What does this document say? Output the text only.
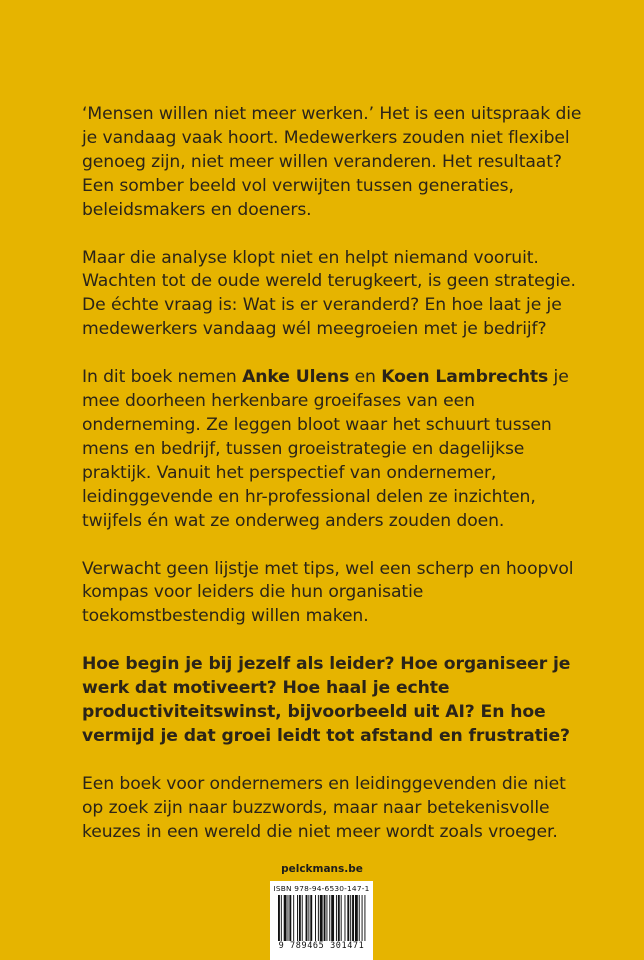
‘Mensen willen niet meer werken.’ Het is een uitspraak die je vandaag vaak hoort. Medewerkers zouden niet flexibel genoeg zijn, niet meer willen veranderen. Het resultaat? Een somber beeld vol verwijten tussen generaties, beleidsmakers en doeners.

Maar die analyse klopt niet en helpt niemand vooruit. Wachten tot de oude wereld terugkeert, is geen strategie. De échte vraag is: Wat is er veranderd? En hoe laat je je medewerkers vandaag wél meegroeien met je bedrijf?

In dit boek nemen Anke Ulens en Koen Lambrechts je mee doorheen herkenbare groeifases van een onderneming. Ze leggen bloot waar het schuurt tussen mens en bedrijf, tussen groeistrategie en dagelijkse praktijk. Vanuit het perspectief van ondernemer, leidinggevende en hr-professional delen ze inzichten, twijfels én wat ze onderweg anders zouden doen.

Verwacht geen lijstje met tips, wel een scherp en hoopvol kompas voor leiders die hun organisatie toekomstbestendig willen maken.

Hoe begin je bij jezelf als leider? Hoe organiseer je werk dat motiveert? Hoe haal je echte productiviteitswinst, bijvoorbeeld uit AI? En hoe vermijd je dat groei leidt tot afstand en frustratie?

Een boek voor ondernemers en leidinggevenden die niet op zoek zijn naar buzzwords, maar naar betekenisvolle keuzes in een wereld die niet meer wordt zoals vroeger.

pelckmans.be
ISBN 978-94-6530-147-1
9 789465 301471
